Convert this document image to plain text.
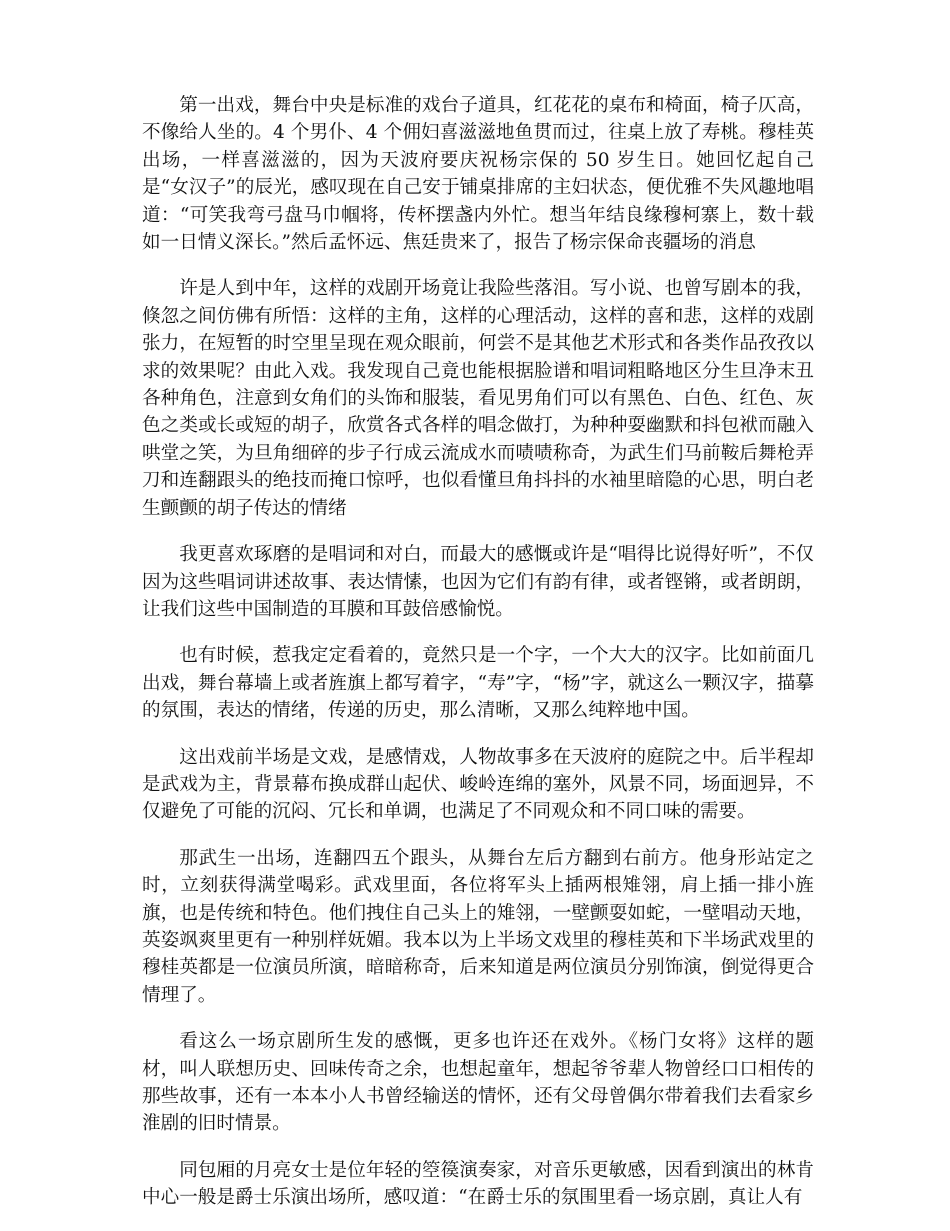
第一出戏，舞台中央是标准的戏台子道具，红花花的桌布和椅面，椅子仄高，不像给人坐的。4 个男仆、4 个佣妇喜滋滋地鱼贯而过，往桌上放了寿桃。穆桂英出场，一样喜滋滋的，因为天波府要庆祝杨宗保的 50 岁生日。她回忆起自己是“女汉子”的辰光，感叹现在自己安于铺桌排席的主妇状态，便优雅不失风趣地唱道：“可笑我弯弓盘马巾帼将，传杯摆盏内外忙。想当年结良缘穆柯寨上，数十载如一日情义深长。”然后孟怀远、焦廷贵来了，报告了杨宗保命丧疆场的消息

许是人到中年，这样的戏剧开场竟让我险些落泪。写小说、也曾写剧本的我，倏忽之间仿佛有所悟：这样的主角，这样的心理活动，这样的喜和悲，这样的戏剧张力，在短暂的时空里呈现在观众眼前，何尝不是其他艺术形式和各类作品孜孜以求的效果呢？由此入戏。我发现自己竟也能根据脸谱和唱词粗略地区分生旦净末丑各种角色，注意到女角们的头饰和服装，看见男角们可以有黑色、白色、红色、灰色之类或长或短的胡子，欣赏各式各样的唱念做打，为种种耍幽默和抖包袱而融入哄堂之笑，为旦角细碎的步子行成云流成水而啧啧称奇，为武生们马前鞍后舞枪弄刀和连翻跟头的绝技而掩口惊呼，也似看懂旦角抖抖的水袖里暗隐的心思，明白老生颤颤的胡子传达的情绪

我更喜欢琢磨的是唱词和对白，而最大的感慨或许是“唱得比说得好听”，不仅因为这些唱词讲述故事、表达情愫，也因为它们有韵有律，或者铿锵，或者朗朗，让我们这些中国制造的耳膜和耳鼓倍感愉悦。

也有时候，惹我定定看着的，竟然只是一个字，一个大大的汉字。比如前面几出戏，舞台幕墙上或者旌旗上都写着字，“寿”字，“杨”字，就这么一颗汉字，描摹的氛围，表达的情绪，传递的历史，那么清晰，又那么纯粹地中国。

这出戏前半场是文戏，是感情戏，人物故事多在天波府的庭院之中。后半程却是武戏为主，背景幕布换成群山起伏、峻岭连绵的塞外，风景不同，场面迥异，不仅避免了可能的沉闷、冗长和单调，也满足了不同观众和不同口味的需要。

那武生一出场，连翻四五个跟头，从舞台左后方翻到右前方。他身形站定之时，立刻获得满堂喝彩。武戏里面，各位将军头上插两根雉翎，肩上插一排小旌旗，也是传统和特色。他们拽住自己头上的雉翎，一壁颤耍如蛇，一壁唱动天地，英姿飒爽里更有一种别样妩媚。我本以为上半场文戏里的穆桂英和下半场武戏里的穆桂英都是一位演员所演，暗暗称奇，后来知道是两位演员分别饰演，倒觉得更合情理了。

看这么一场京剧所生发的感慨，更多也许还在戏外。《杨门女将》这样的题材，叫人联想历史、回味传奇之余，也想起童年，想起爷爷辈人物曾经口口相传的那些故事，还有一本本小人书曾经输送的情怀，还有父母曾偶尔带着我们去看家乡淮剧的旧时情景。

同包厢的月亮女士是位年轻的箜篌演奏家，对音乐更敏感，因看到演出的林肯中心一般是爵士乐演出场所，感叹道：“在爵士乐的氛围里看一场京剧，真让人有
